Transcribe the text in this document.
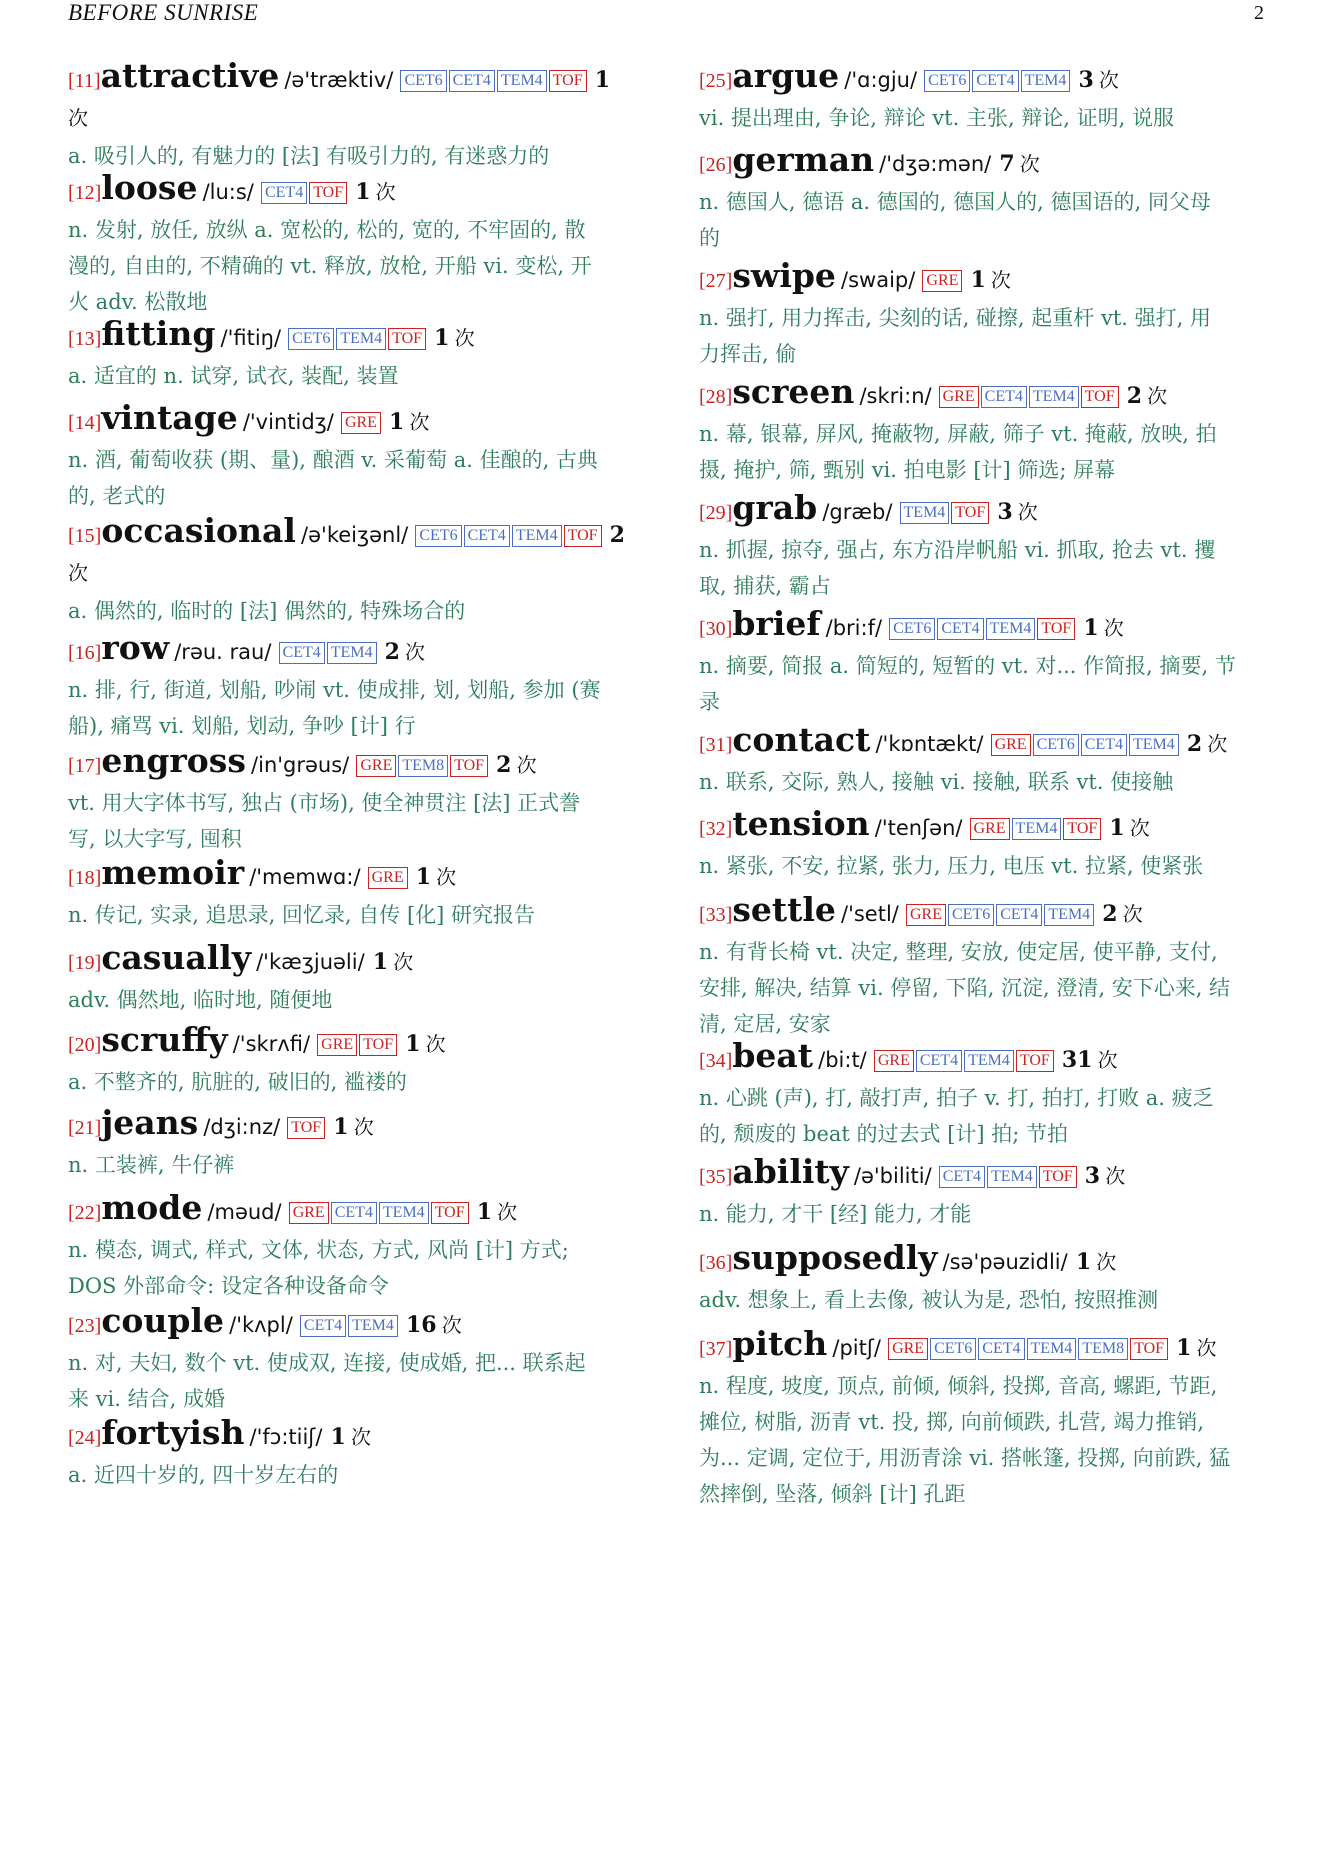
BEFORE SUNRISE	2
[11]attractive /ə'træktiv/ CET6 CET4 TEM4 TOF 1
次
a. 吸引人的, 有魅力的 [法] 有吸引力的, 有迷惑力的
[12]loose /lu:s/ CET4 TOF 1 次
n. 发射, 放任, 放纵 a. 宽松的, 松的, 宽的, 不牢固的, 散
漫的, 自由的, 不精确的 vt. 释放, 放枪, 开船 vi. 变松, 开
火 adv. 松散地
[13]fitting /'fitiŋ/ CET6 TEM4 TOF 1 次
a. 适宜的 n. 试穿, 试衣, 装配, 装置
[14]vintage /'vintidʒ/ GRE 1 次
n. 酒, 葡萄收获 (期、量), 酿酒 v. 采葡萄 a. 佳酿的, 古典
的, 老式的
[15]occasional /ə'keiʒənl/ CET6 CET4 TEM4 TOF 2
次
a. 偶然的, 临时的 [法] 偶然的, 特殊场合的
[16]row /rəu. rau/ CET4 TEM4 2 次
n. 排, 行, 街道, 划船, 吵闹 vt. 使成排, 划, 划船, 参加 (赛
船), 痛骂 vi. 划船, 划动, 争吵 [计] 行
[17]engross /in'grəus/ GRE TEM8 TOF 2 次
vt. 用大字体书写, 独占 (市场), 使全神贯注 [法] 正式誊
写, 以大字写, 囤积
[18]memoir /'memwɑ:/ GRE 1 次
n. 传记, 实录, 追思录, 回忆录, 自传 [化] 研究报告
[19]casually /'kæʒjuəli/ 1 次
adv. 偶然地, 临时地, 随便地
[20]scruffy /'skrʌfi/ GRE TOF 1 次
a. 不整齐的, 肮脏的, 破旧的, 褴褛的
[21]jeans /dʒi:nz/ TOF 1 次
n. 工装裤, 牛仔裤
[22]mode /məud/ GRE CET4 TEM4 TOF 1 次
n. 模态, 调式, 样式, 文体, 状态, 方式, 风尚 [计] 方式;
DOS 外部命令: 设定各种设备命令
[23]couple /'kʌpl/ CET4 TEM4 16 次
n. 对, 夫妇, 数个 vt. 使成双, 连接, 使成婚, 把... 联系起
来 vi. 结合, 成婚
[24]fortyish /'fɔ:tiiʃ/ 1 次
a. 近四十岁的, 四十岁左右的
[25]argue /'ɑ:gju/ CET6 CET4 TEM4 3 次
vi. 提出理由, 争论, 辩论 vt. 主张, 辩论, 证明, 说服
[26]german /'dʒə:mən/ 7 次
n. 德国人, 德语 a. 德国的, 德国人的, 德国语的, 同父母
的
[27]swipe /swaip/ GRE 1 次
n. 强打, 用力挥击, 尖刻的话, 碰擦, 起重杆 vt. 强打, 用
力挥击, 偷
[28]screen /skri:n/ GRE CET4 TEM4 TOF 2 次
n. 幕, 银幕, 屏风, 掩蔽物, 屏蔽, 筛子 vt. 掩蔽, 放映, 拍
摄, 掩护, 筛, 甄别 vi. 拍电影 [计] 筛选; 屏幕
[29]grab /græb/ TEM4 TOF 3 次
n. 抓握, 掠夺, 强占, 东方沿岸帆船 vi. 抓取, 抢去 vt. 攫
取, 捕获, 霸占
[30]brief /bri:f/ CET6 CET4 TEM4 TOF 1 次
n. 摘要, 简报 a. 简短的, 短暂的 vt. 对... 作简报, 摘要, 节
录
[31]contact /'kɒntækt/ GRE CET6 CET4 TEM4 2 次
n. 联系, 交际, 熟人, 接触 vi. 接触, 联系 vt. 使接触
[32]tension /'tenʃən/ GRE TEM4 TOF 1 次
n. 紧张, 不安, 拉紧, 张力, 压力, 电压 vt. 拉紧, 使紧张
[33]settle /'setl/ GRE CET6 CET4 TEM4 2 次
n. 有背长椅 vt. 决定, 整理, 安放, 使定居, 使平静, 支付,
安排, 解决, 结算 vi. 停留, 下陷, 沉淀, 澄清, 安下心来, 结
清, 定居, 安家
[34]beat /bi:t/ GRE CET4 TEM4 TOF 31 次
n. 心跳 (声), 打, 敲打声, 拍子 v. 打, 拍打, 打败 a. 疲乏
的, 颓废的 beat 的过去式 [计] 拍; 节拍
[35]ability /ə'biliti/ CET4 TEM4 TOF 3 次
n. 能力, 才干 [经] 能力, 才能
[36]supposedly /sə'pəuzidli/ 1 次
adv. 想象上, 看上去像, 被认为是, 恐怕, 按照推测
[37]pitch /pitʃ/ GRE CET6 CET4 TEM4 TEM8 TOF 1 次
n. 程度, 坡度, 顶点, 前倾, 倾斜, 投掷, 音高, 螺距, 节距,
摊位, 树脂, 沥青 vt. 投, 掷, 向前倾跌, 扎营, 竭力推销,
为... 定调, 定位于, 用沥青涂 vi. 搭帐篷, 投掷, 向前跌, 猛
然摔倒, 坠落, 倾斜 [计] 孔距
